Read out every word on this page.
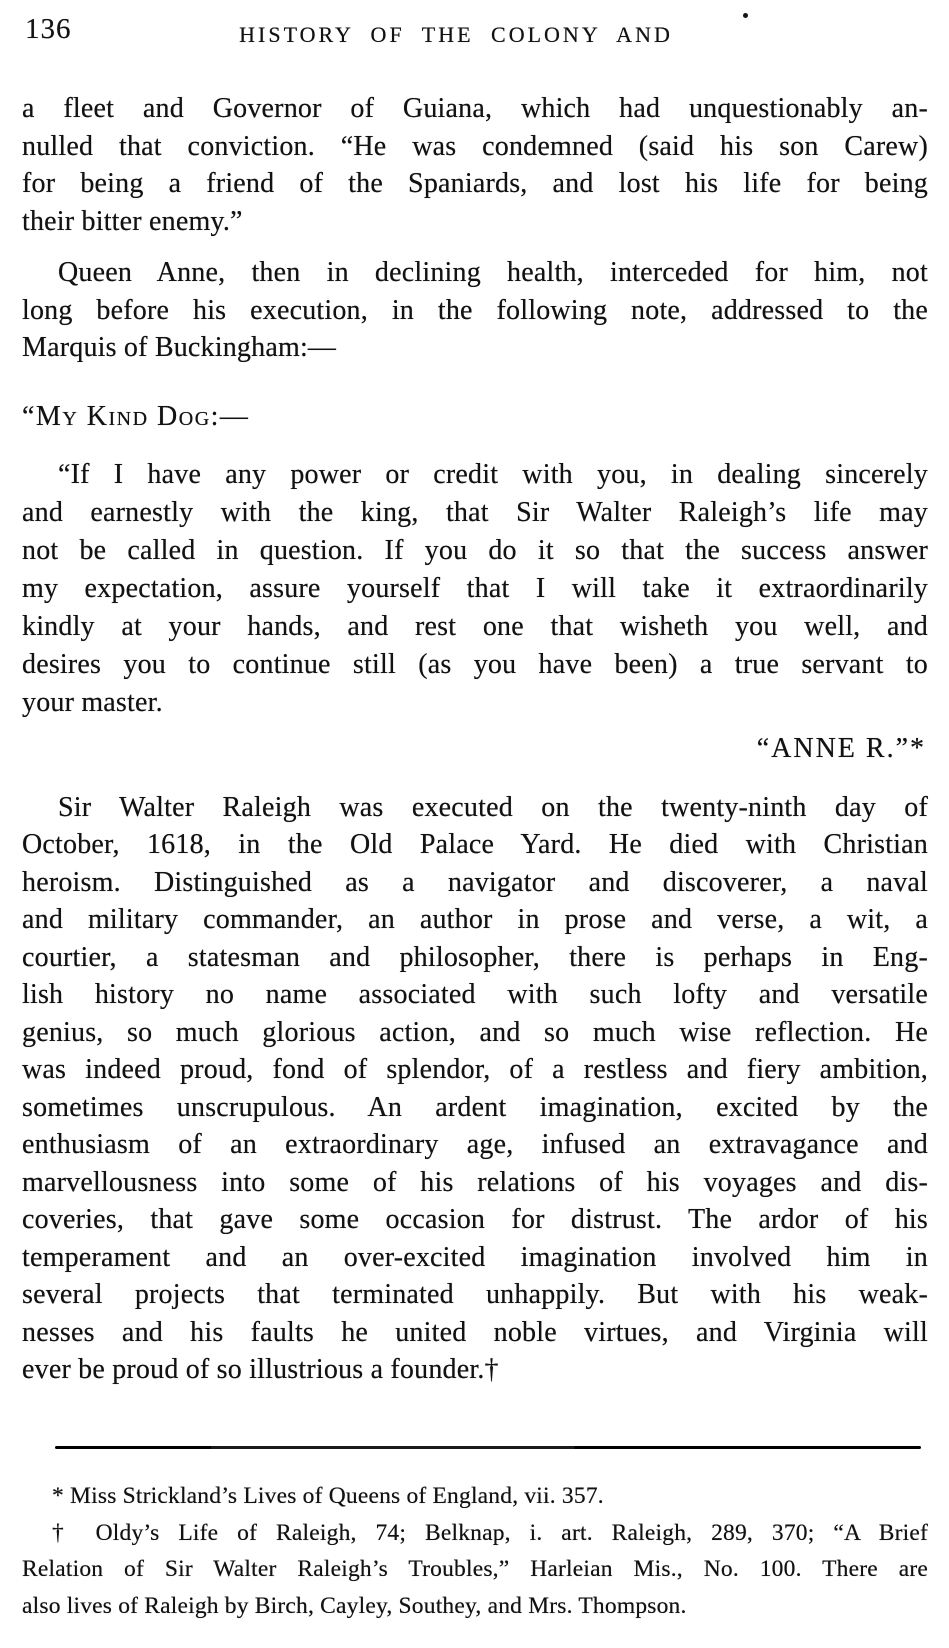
136	HISTORY OF THE COLONY AND
a fleet and Governor of Guiana, which had unquestionably an-
nulled that conviction. “He was condemned (said his son Carew)
for being a friend of the Spaniards, and lost his life for being
their bitter enemy.”
Queen Anne, then in declining health, interceded for him, not
long before his execution, in the following note, addressed to the
Marquis of Buckingham:—
“My Kind Dog:—
“If I have any power or credit with you, in dealing sincerely
and earnestly with the king, that Sir Walter Raleigh’s life may
not be called in question. If you do it so that the success answer
my expectation, assure yourself that I will take it extraordinarily
kindly at your hands, and rest one that wisheth you well, and
desires you to continue still (as you have been) a true servant to
your master.
“ANNE R.”*
Sir Walter Raleigh was executed on the twenty-ninth day of
October, 1618, in the Old Palace Yard. He died with Christian
heroism. Distinguished as a navigator and discoverer, a naval
and military commander, an author in prose and verse, a wit, a
courtier, a statesman and philosopher, there is perhaps in Eng-
lish history no name associated with such lofty and versatile
genius, so much glorious action, and so much wise reflection. He
was indeed proud, fond of splendor, of a restless and fiery ambition,
sometimes unscrupulous. An ardent imagination, excited by the
enthusiasm of an extraordinary age, infused an extravagance and
marvellousness into some of his relations of his voyages and dis-
coveries, that gave some occasion for distrust. The ardor of his
temperament and an over-excited imagination involved him in
several projects that terminated unhappily. But with his weak-
nesses and his faults he united noble virtues, and Virginia will
ever be proud of so illustrious a founder.†
* Miss Strickland’s Lives of Queens of England, vii. 357.
† Oldy’s Life of Raleigh, 74; Belknap, i. art. Raleigh, 289, 370; “A Brief
Relation of Sir Walter Raleigh’s Troubles,” Harleian Mis., No. 100. There are
also lives of Raleigh by Birch, Cayley, Southey, and Mrs. Thompson.
